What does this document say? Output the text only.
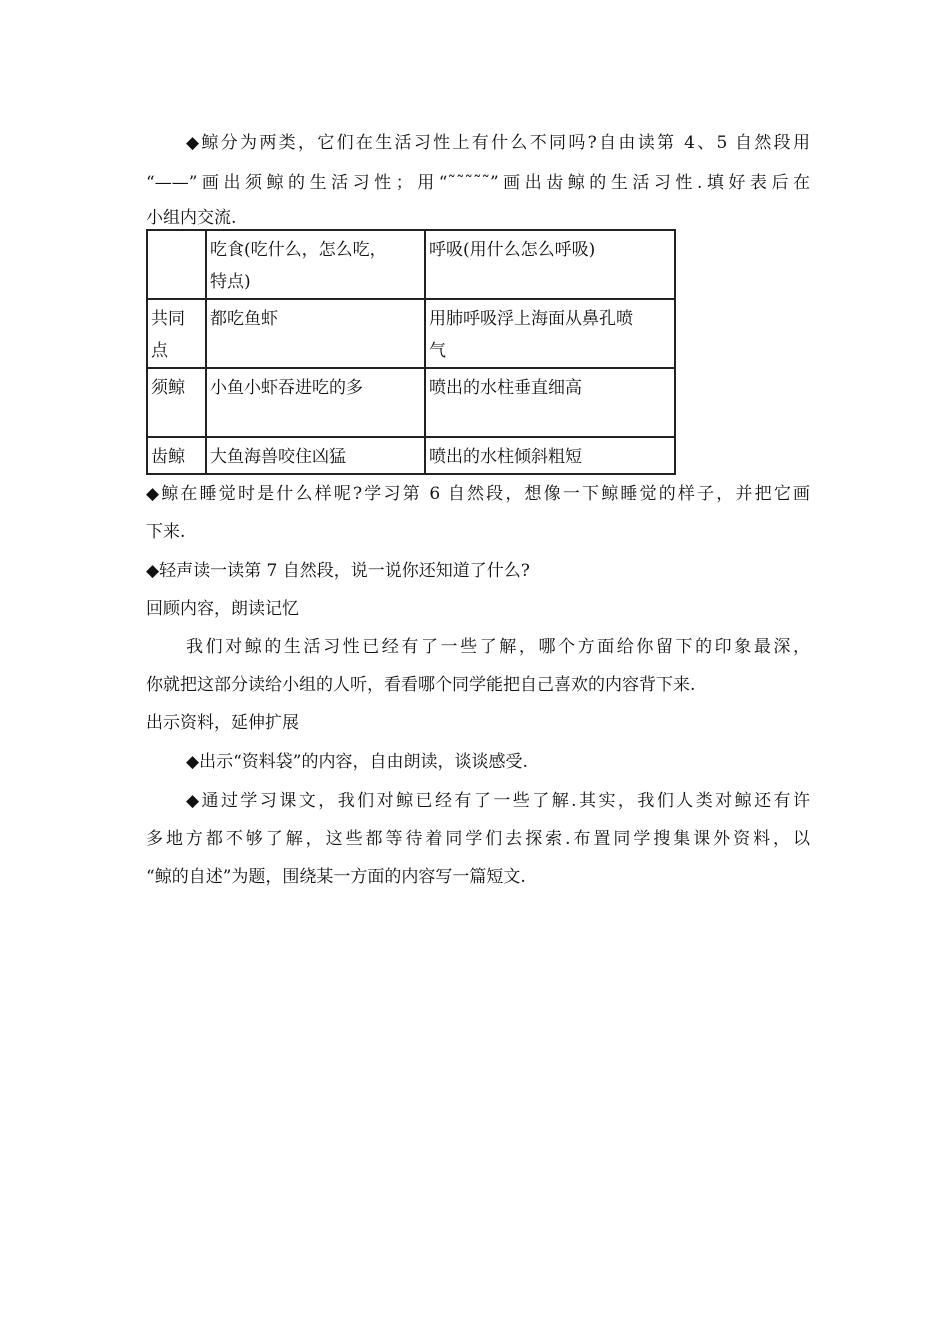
◆鲸分为两类，它们在生活习性上有什么不同吗?自由读第 4、5 自然段用
“——”画出须鲸的生活习性；用“˜˜˜˜˜”画出齿鲸的生活习性.填好表后在
小组内交流.

	吃食(吃什么，怎么吃，
特点)	呼吸(用什么怎么呼吸)

共同
点	都吃鱼虾	用肺呼吸浮上海面从鼻孔喷
气

须鲸	小鱼小虾吞进吃的多	喷出的水柱垂直细高
齿鲸	大鱼海兽咬住凶猛	喷出的水柱倾斜粗短
◆鲸在睡觉时是什么样呢?学习第 6 自然段，想像一下鲸睡觉的样子，并把它画
下来.
◆轻声读一读第 7 自然段，说一说你还知道了什么?
回顾内容，朗读记忆
我们对鲸的生活习性已经有了一些了解，哪个方面给你留下的印象最深，
你就把这部分读给小组的人听，看看哪个同学能把自己喜欢的内容背下来.
出示资料，延伸扩展
◆出示“资料袋”的内容，自由朗读，谈谈感受.
◆通过学习课文，我们对鲸已经有了一些了解.其实，我们人类对鲸还有许
多地方都不够了解，这些都等待着同学们去探索.布置同学搜集课外资料，以
“鲸的自述”为题，围绕某一方面的内容写一篇短文.
